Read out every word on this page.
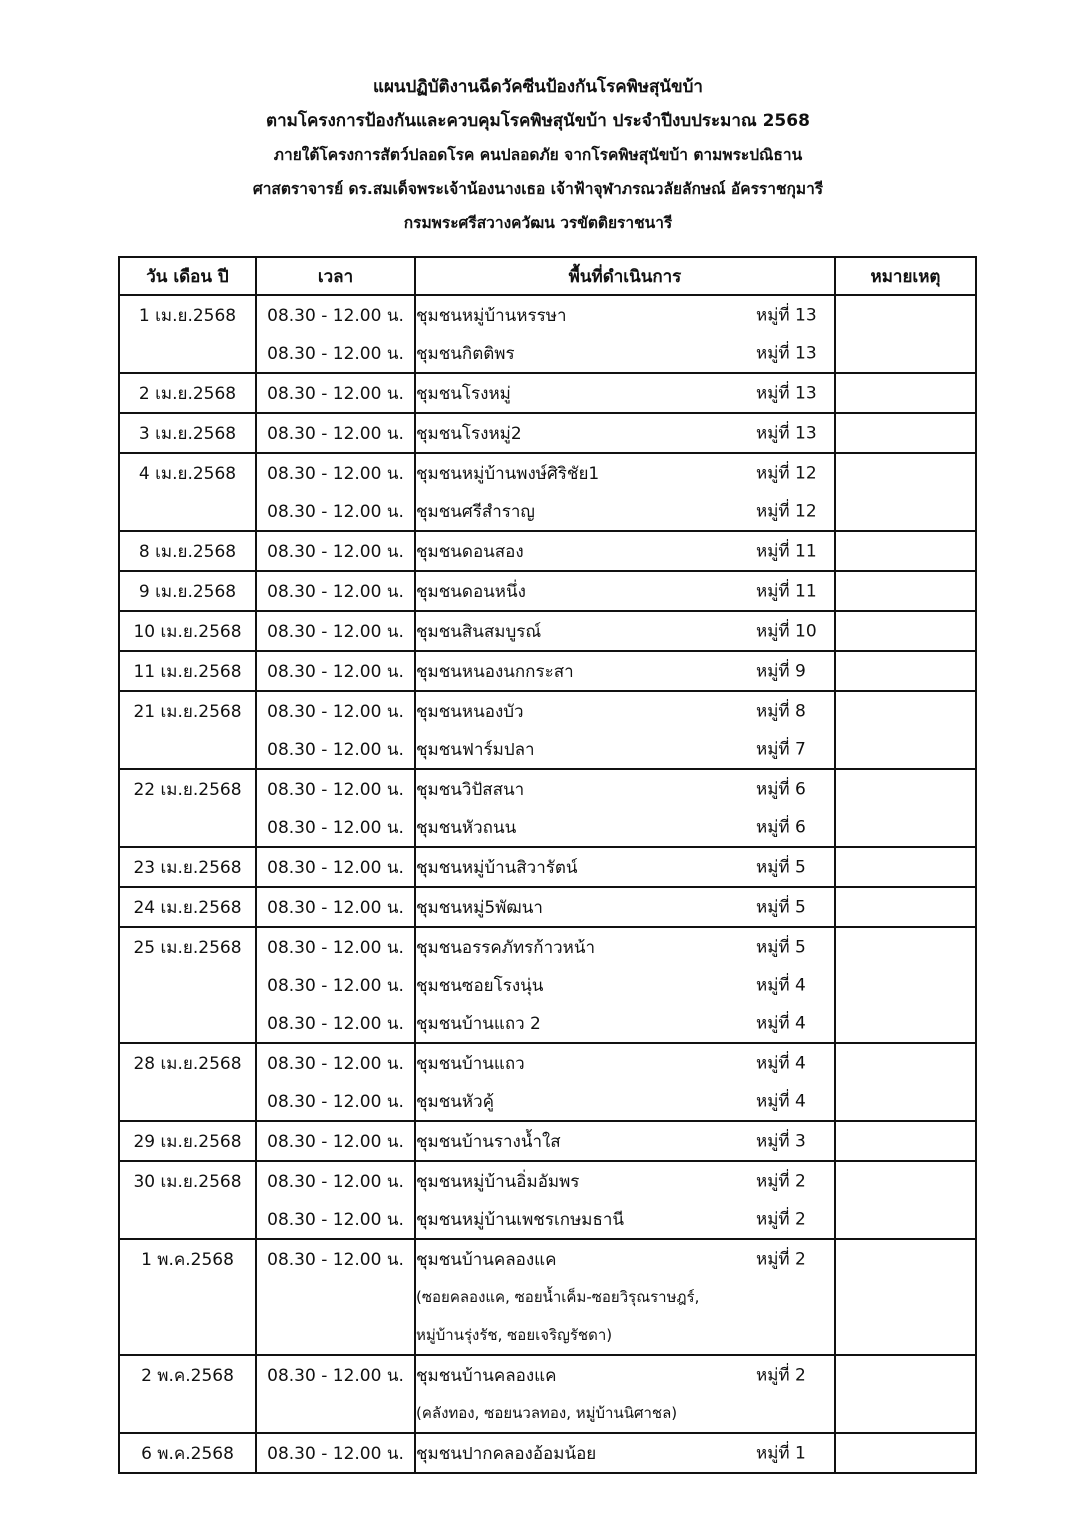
แผนปฏิบัติงานฉีดวัคซีนป้องกันโรคพิษสุนัขบ้า
ตามโครงการป้องกันและควบคุมโรคพิษสุนัขบ้า ประจำปีงบประมาณ 2568
ภายใต้โครงการสัตว์ปลอดโรค คนปลอดภัย จากโรคพิษสุนัขบ้า ตามพระปณิธาน
ศาสตราจารย์ ดร.สมเด็จพระเจ้าน้องนางเธอ เจ้าฟ้าจุฬาภรณวลัยลักษณ์ อัครราชกุมารี
กรมพระศรีสวางควัฒน วรขัตติยราชนารี
วัน เดือน ปี	เวลา	พื้นที่ดำเนินการ	หมายเหตุ
1 เม.ย.2568	08.30 - 12.00 น.	ชุมชนหมู่บ้านหรรษา หมู่ที่ 13	

	08.30 - 12.00 น.	ชุมชนกิตติพร หมู่ที่ 13	

2 เม.ย.2568	08.30 - 12.00 น.	ชุมชนโรงหมู่ หมู่ที่ 13	

3 เม.ย.2568	08.30 - 12.00 น.	ชุมชนโรงหมู่2 หมู่ที่ 13	

4 เม.ย.2568	08.30 - 12.00 น.	ชุมชนหมู่บ้านพงษ์ศิริชัย1 หมู่ที่ 12	

	08.30 - 12.00 น.	ชุมชนศรีสำราญ หมู่ที่ 12	

8 เม.ย.2568	08.30 - 12.00 น.	ชุมชนดอนสอง หมู่ที่ 11	

9 เม.ย.2568	08.30 - 12.00 น.	ชุมชนดอนหนึ่ง หมู่ที่ 11	

10 เม.ย.2568	08.30 - 12.00 น.	ชุมชนสินสมบูรณ์ หมู่ที่ 10	

11 เม.ย.2568	08.30 - 12.00 น.	ชุมชนหนองนกกระสา หมู่ที่ 9	

21 เม.ย.2568	08.30 - 12.00 น.	ชุมชนหนองบัว หมู่ที่ 8	

	08.30 - 12.00 น.	ชุมชนฟาร์มปลา หมู่ที่ 7	

22 เม.ย.2568	08.30 - 12.00 น.	ชุมชนวิปัสสนา หมู่ที่ 6	

	08.30 - 12.00 น.	ชุมชนหัวถนน หมู่ที่ 6	

23 เม.ย.2568	08.30 - 12.00 น.	ชุมชนหมู่บ้านสิวารัตน์ หมู่ที่ 5	

24 เม.ย.2568	08.30 - 12.00 น.	ชุมชนหมู่5พัฒนา หมู่ที่ 5	

25 เม.ย.2568	08.30 - 12.00 น.	ชุมชนอรรคภัทรก้าวหน้า หมู่ที่ 5	

	08.30 - 12.00 น.	ชุมชนซอยโรงนุ่น หมู่ที่ 4	

	08.30 - 12.00 น.	ชุมชนบ้านแถว 2 หมู่ที่ 4	

28 เม.ย.2568	08.30 - 12.00 น.	ชุมชนบ้านแถว หมู่ที่ 4	

	08.30 - 12.00 น.	ชุมชนหัวคู้ หมู่ที่ 4	

29 เม.ย.2568	08.30 - 12.00 น.	ชุมชนบ้านรางน้ำใส หมู่ที่ 3	

30 เม.ย.2568	08.30 - 12.00 น.	ชุมชนหมู่บ้านอิ่มอัมพร หมู่ที่ 2	

	08.30 - 12.00 น.	ชุมชนหมู่บ้านเพชรเกษมธานี หมู่ที่ 2	

1 พ.ค.2568	08.30 - 12.00 น.	ชุมชนบ้านคลองแค หมู่ที่ 2	

		(ซอยคลองแค, ซอยน้ำเค็ม-ซอยวิรุณราษฎร์,	
		หมู่บ้านรุ่งรัช, ซอยเจริญรัชดา)	
2 พ.ค.2568	08.30 - 12.00 น.	ชุมชนบ้านคลองแค หมู่ที่ 2	

		(คลังทอง, ซอยนวลทอง, หมู่บ้านนิศาชล)	
6 พ.ค.2568	08.30 - 12.00 น.	ชุมชนปากคลองอ้อมน้อย หมู่ที่ 1	
